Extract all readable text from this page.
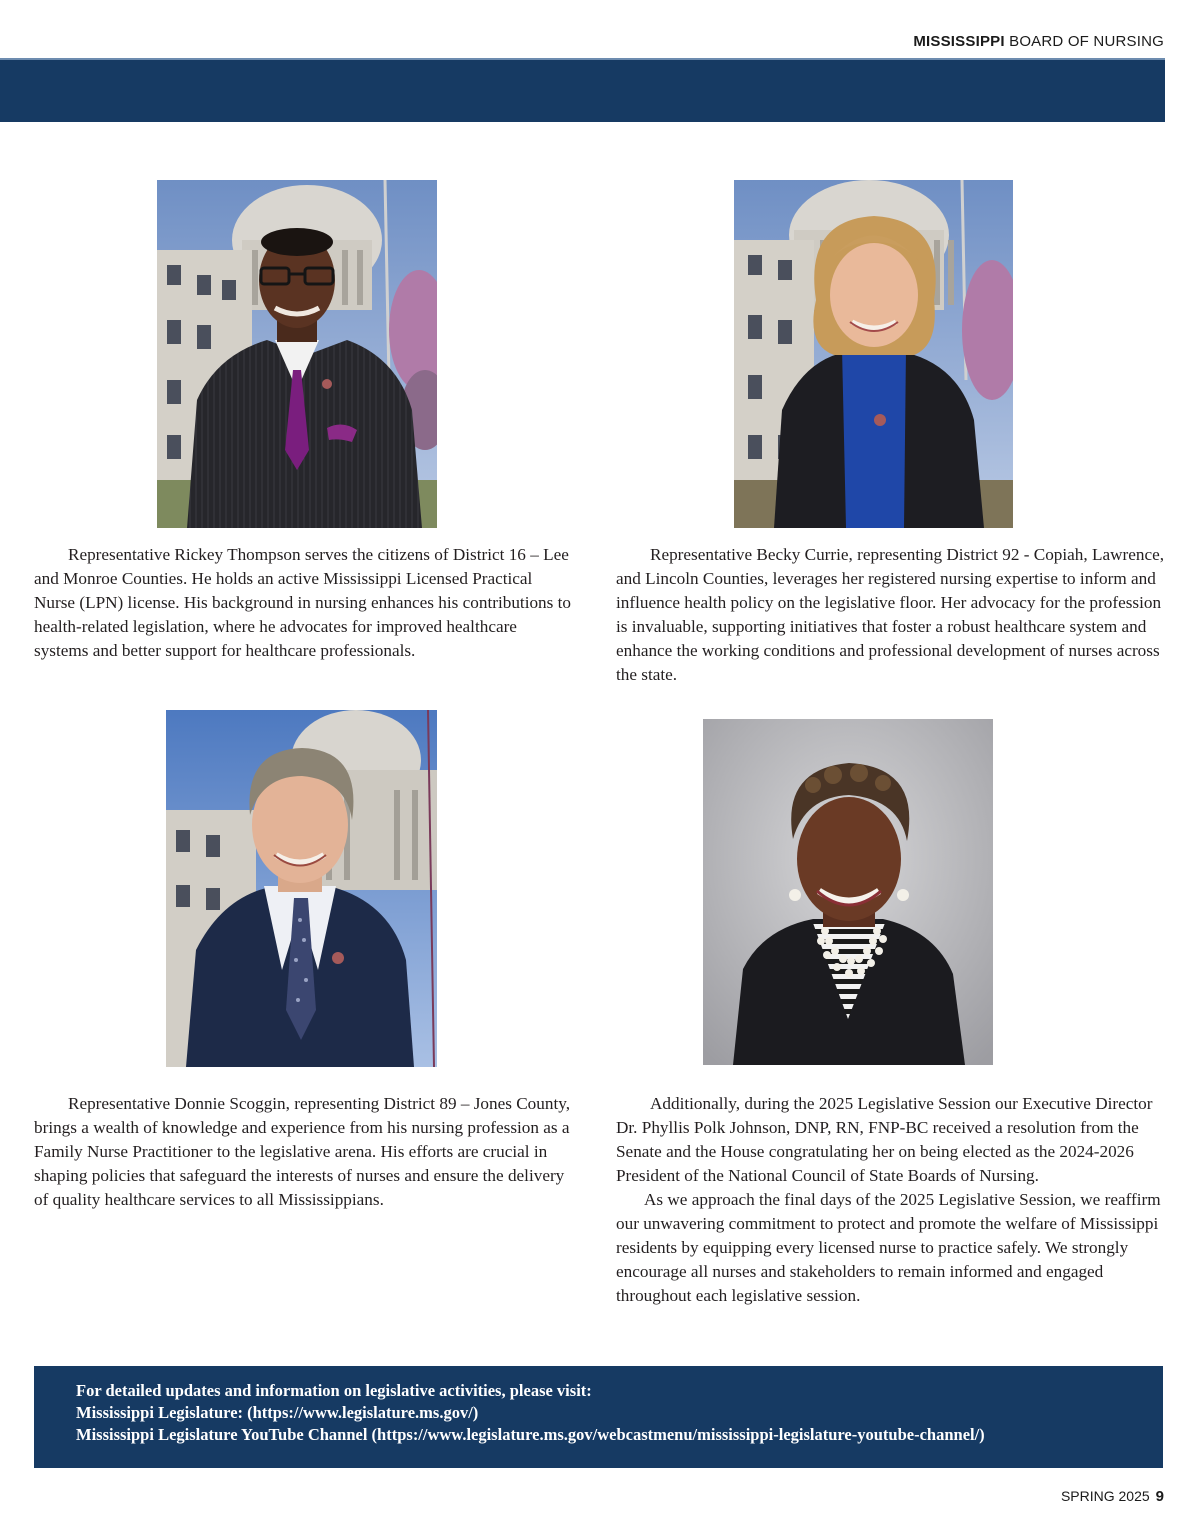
MISSISSIPPI BOARD OF NURSING

Representative Rickey Thompson serves the citizens of District 16 – Lee and Monroe Counties. He holds an active Mississippi Licensed Practical Nurse (LPN) license. His background in nursing enhances his contributions to health-related legislation, where he advocates for improved healthcare systems and better support for healthcare professionals.

Representative Becky Currie, representing District 92 - Copiah, Lawrence, and Lincoln Counties, leverages her registered nursing expertise to inform and influence health policy on the legislative floor. Her advocacy for the profession is invaluable, supporting initiatives that foster a robust healthcare system and enhance the working conditions and professional development of nurses across the state.

Representative Donnie Scoggin, representing District 89 – Jones County, brings a wealth of knowledge and experience from his nursing profession as a Family Nurse Practitioner to the legislative arena. His efforts are crucial in shaping policies that safeguard the interests of nurses and ensure the delivery of quality healthcare services to all Mississippians.

Additionally, during the 2025 Legislative Session our Executive Director Dr. Phyllis Polk Johnson, DNP, RN, FNP-BC received a resolution from the Senate and the House congratulating her on being elected as the 2024-2026 President of the National Council of State Boards of Nursing.

As we approach the final days of the 2025 Legislative Session, we reaffirm our unwavering commitment to protect and promote the welfare of Mississippi residents by equipping every licensed nurse to practice safely. We strongly encourage all nurses and stakeholders to remain informed and engaged throughout each legislative session.

For detailed updates and information on legislative activities, please visit:
Mississippi Legislature: (https://www.legislature.ms.gov/)
Mississippi Legislature YouTube Channel (https://www.legislature.ms.gov/webcastmenu/mississippi-legislature-youtube-channel/)
SPRING 2025 9
